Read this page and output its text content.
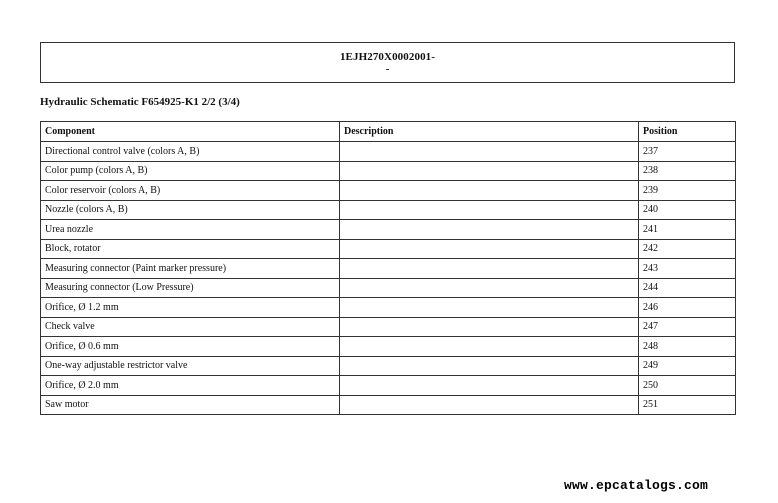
1EJH270X0002001-
-
Hydraulic Schematic F654925-K1 2/2 (3/4)
Component	Description	Position
Directional control valve (colors A, B)		237
Color pump (colors A, B)		238
Color reservoir (colors A, B)		239
Nozzle (colors A, B)		240
Urea nozzle		241
Block, rotator		242
Measuring connector (Paint marker pressure)		243
Measuring connector (Low Pressure)		244
Orifice, Ø 1.2 mm		246
Check valve		247
Orifice, Ø 0.6 mm		248
One-way adjustable restrictor valve		249
Orifice, Ø 2.0 mm		250
Saw motor		251
www.epcatalogs.com
